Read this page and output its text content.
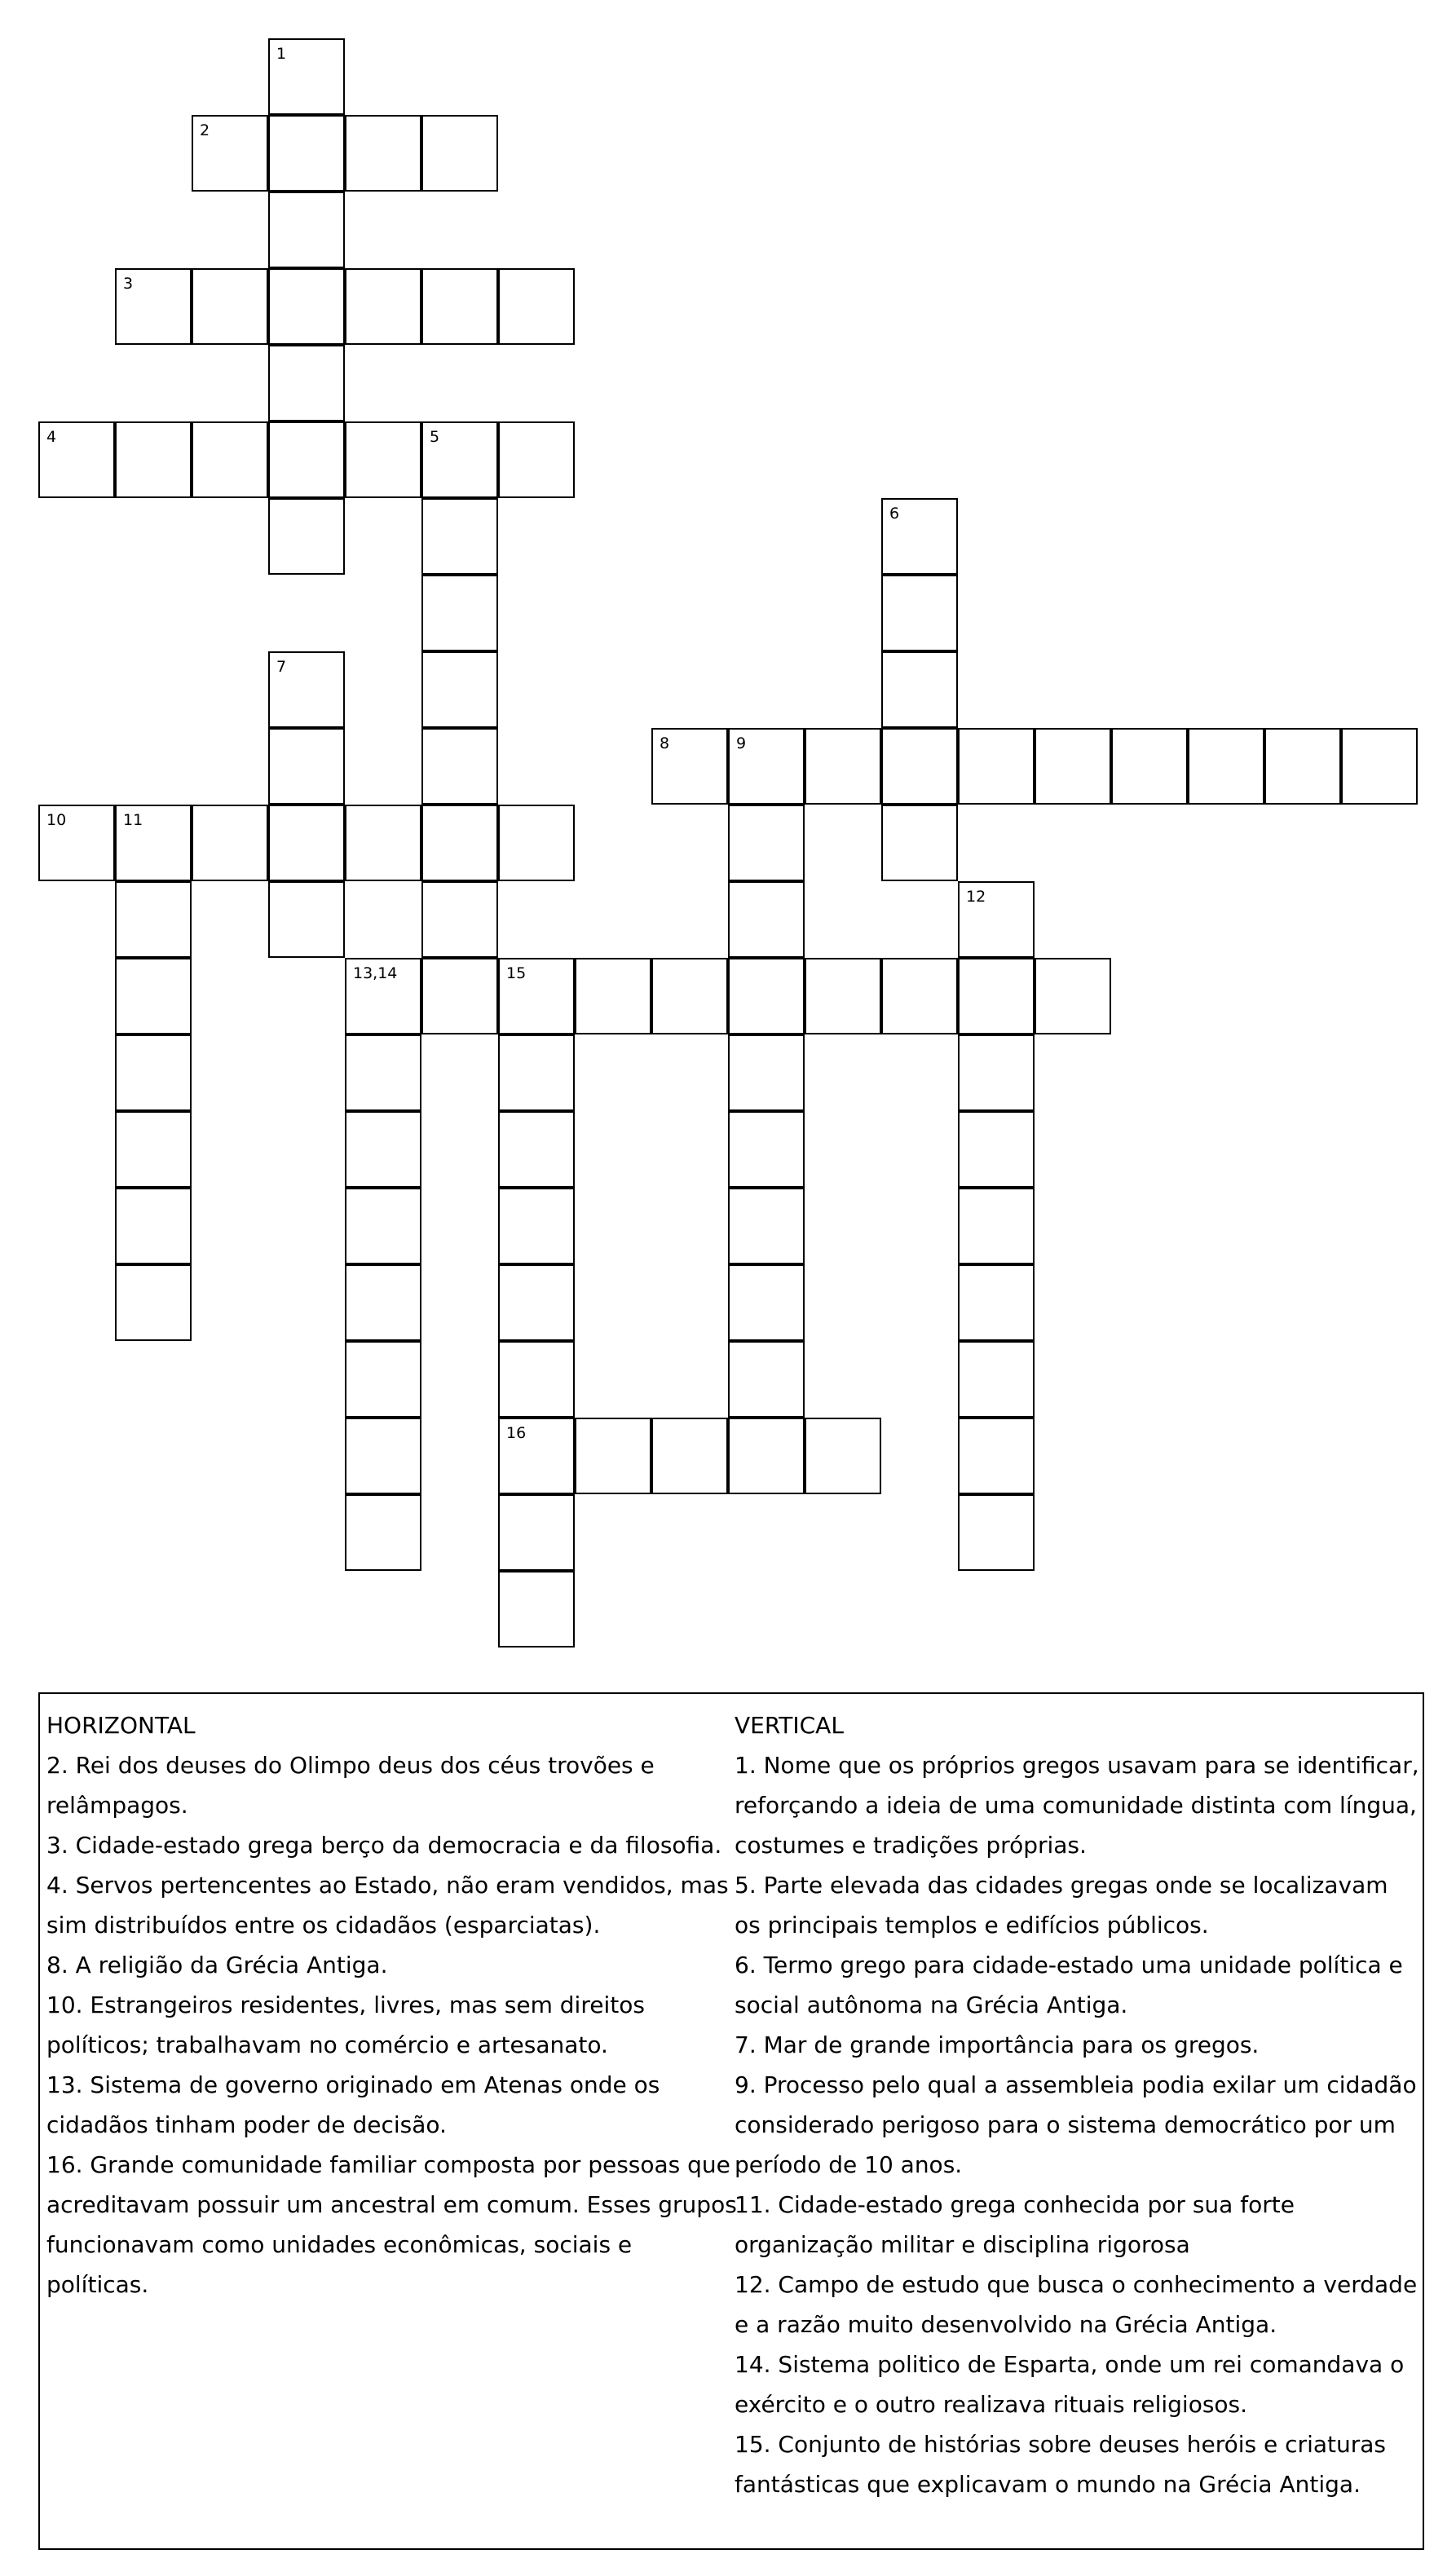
1
2
3
4	5
6
7
8	9
10	11
12
13,14	15
16

HORIZONTAL

2. Rei dos deuses do Olimpo deus dos céus trovões e relâmpagos.

3. Cidade-estado grega berço da democracia e da filosofia.

4. Servos pertencentes ao Estado, não eram vendidos, mas sim distribuídos entre os cidadãos (esparciatas).

8. A religião da Grécia Antiga.

10. Estrangeiros residentes, livres, mas sem direitos políticos; trabalhavam no comércio e artesanato.

13. Sistema de governo originado em Atenas onde os cidadãos tinham poder de decisão.

16. Grande comunidade familiar composta por pessoas que acreditavam possuir um ancestral em comum. Esses grupos funcionavam como unidades econômicas, sociais e políticas.

VERTICAL

1. Nome que os próprios gregos usavam para se identificar, reforçando a ideia de uma comunidade distinta com língua, costumes e tradições próprias.

5. Parte elevada das cidades gregas onde se localizavam os principais templos e edifícios públicos.

6. Termo grego para cidade-estado uma unidade política e social autônoma na Grécia Antiga.

7. Mar de grande importância para os gregos.

9. Processo pelo qual a assembleia podia exilar um cidadão considerado perigoso para o sistema democrático por um período de 10 anos.

11. Cidade-estado grega conhecida por sua forte organização militar e disciplina rigorosa

12. Campo de estudo que busca o conhecimento a verdade e a razão muito desenvolvido na Grécia Antiga.

14. Sistema politico de Esparta, onde um rei comandava o exército e o outro realizava rituais religiosos.

15. Conjunto de histórias sobre deuses heróis e criaturas fantásticas que explicavam o mundo na Grécia Antiga.
